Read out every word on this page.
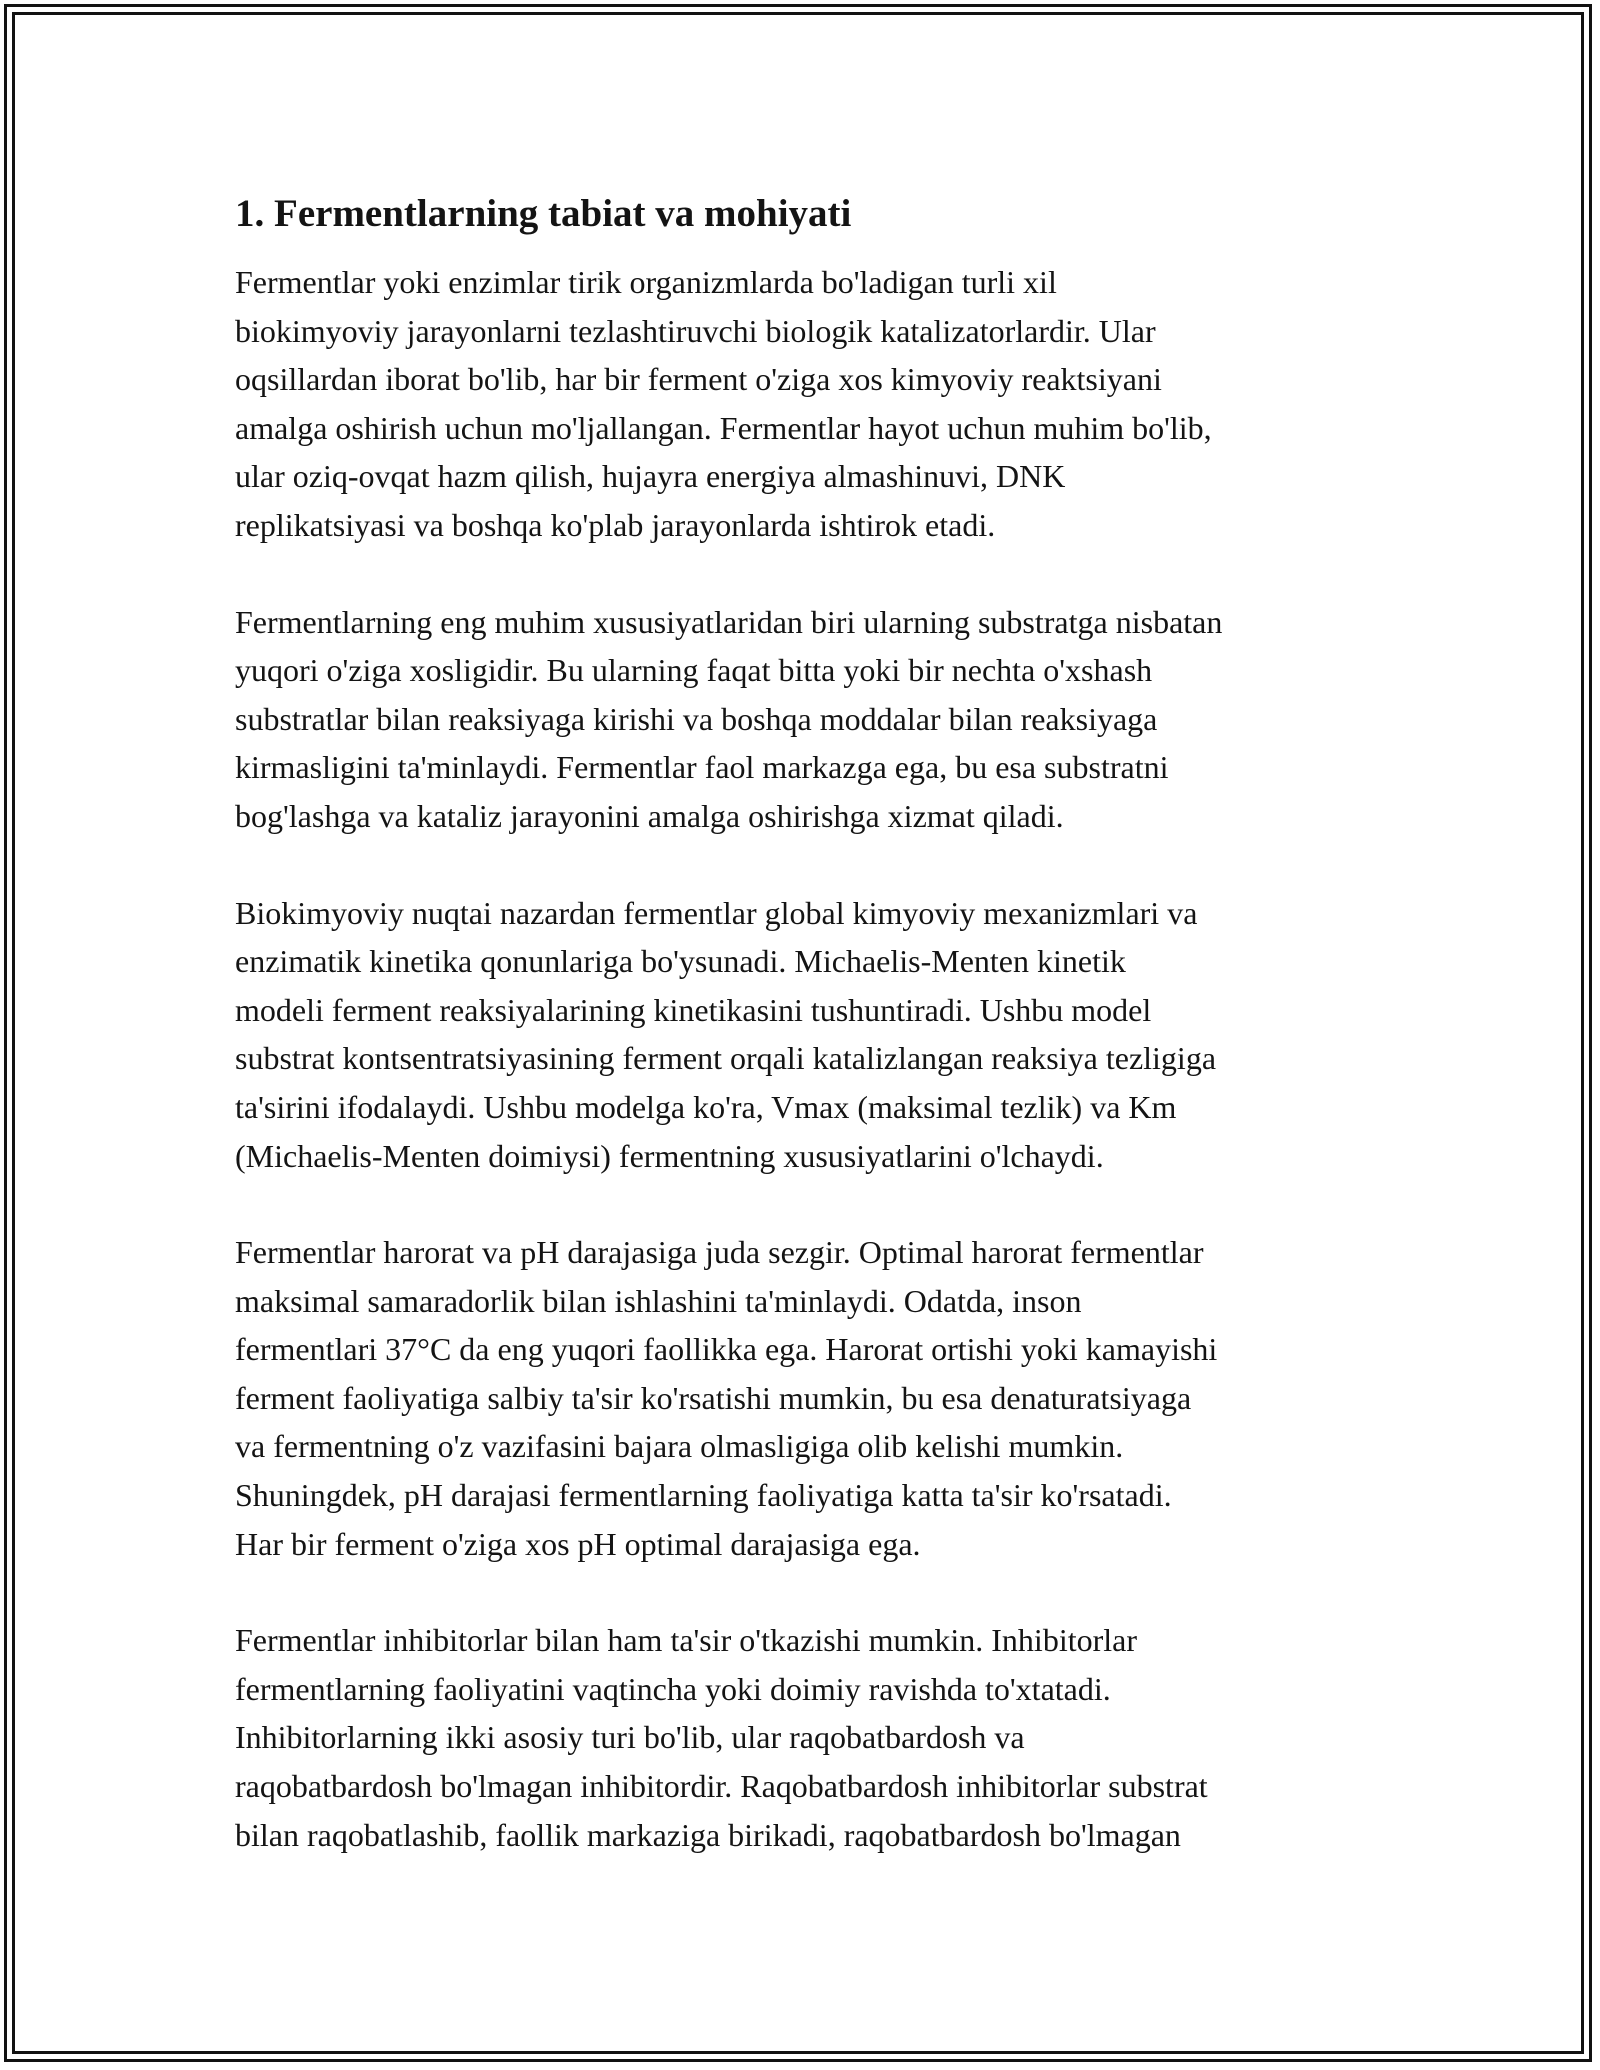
1. Fermentlarning tabiat va mohiyati

Fermentlar yoki enzimlar tirik organizmlarda bo'ladigan turli xil
biokimyoviy jarayonlarni tezlashtiruvchi biologik katalizatorlardir. Ular
oqsillardan iborat bo'lib, har bir ferment o'ziga xos kimyoviy reaktsiyani
amalga oshirish uchun mo'ljallangan. Fermentlar hayot uchun muhim bo'lib,
ular oziq-ovqat hazm qilish, hujayra energiya almashinuvi, DNK
replikatsiyasi va boshqa ko'plab jarayonlarda ishtirok etadi.

Fermentlarning eng muhim xususiyatlaridan biri ularning substratga nisbatan
yuqori o'ziga xosligidir. Bu ularning faqat bitta yoki bir nechta o'xshash
substratlar bilan reaksiyaga kirishi va boshqa moddalar bilan reaksiyaga
kirmasligini ta'minlaydi. Fermentlar faol markazga ega, bu esa substratni
bog'lashga va kataliz jarayonini amalga oshirishga xizmat qiladi.

Biokimyoviy nuqtai nazardan fermentlar global kimyoviy mexanizmlari va
enzimatik kinetika qonunlariga bo'ysunadi. Michaelis-Menten kinetik
modeli ferment reaksiyalarining kinetikasini tushuntiradi. Ushbu model
substrat kontsentratsiyasining ferment orqali katalizlangan reaksiya tezligiga
ta'sirini ifodalaydi. Ushbu modelga ko'ra, Vmax (maksimal tezlik) va Km
(Michaelis-Menten doimiysi) fermentning xususiyatlarini o'lchaydi.

Fermentlar harorat va pH darajasiga juda sezgir. Optimal harorat fermentlar
maksimal samaradorlik bilan ishlashini ta'minlaydi. Odatda, inson
fermentlari 37°C da eng yuqori faollikka ega. Harorat ortishi yoki kamayishi
ferment faoliyatiga salbiy ta'sir ko'rsatishi mumkin, bu esa denaturatsiyaga
va fermentning o'z vazifasini bajara olmasligiga olib kelishi mumkin.
Shuningdek, pH darajasi fermentlarning faoliyatiga katta ta'sir ko'rsatadi.
Har bir ferment o'ziga xos pH optimal darajasiga ega.

Fermentlar inhibitorlar bilan ham ta'sir o'tkazishi mumkin. Inhibitorlar
fermentlarning faoliyatini vaqtincha yoki doimiy ravishda to'xtatadi.
Inhibitorlarning ikki asosiy turi bo'lib, ular raqobatbardosh va
raqobatbardosh bo'lmagan inhibitordir. Raqobatbardosh inhibitorlar substrat
bilan raqobatlashib, faollik markaziga birikadi, raqobatbardosh bo'lmagan
